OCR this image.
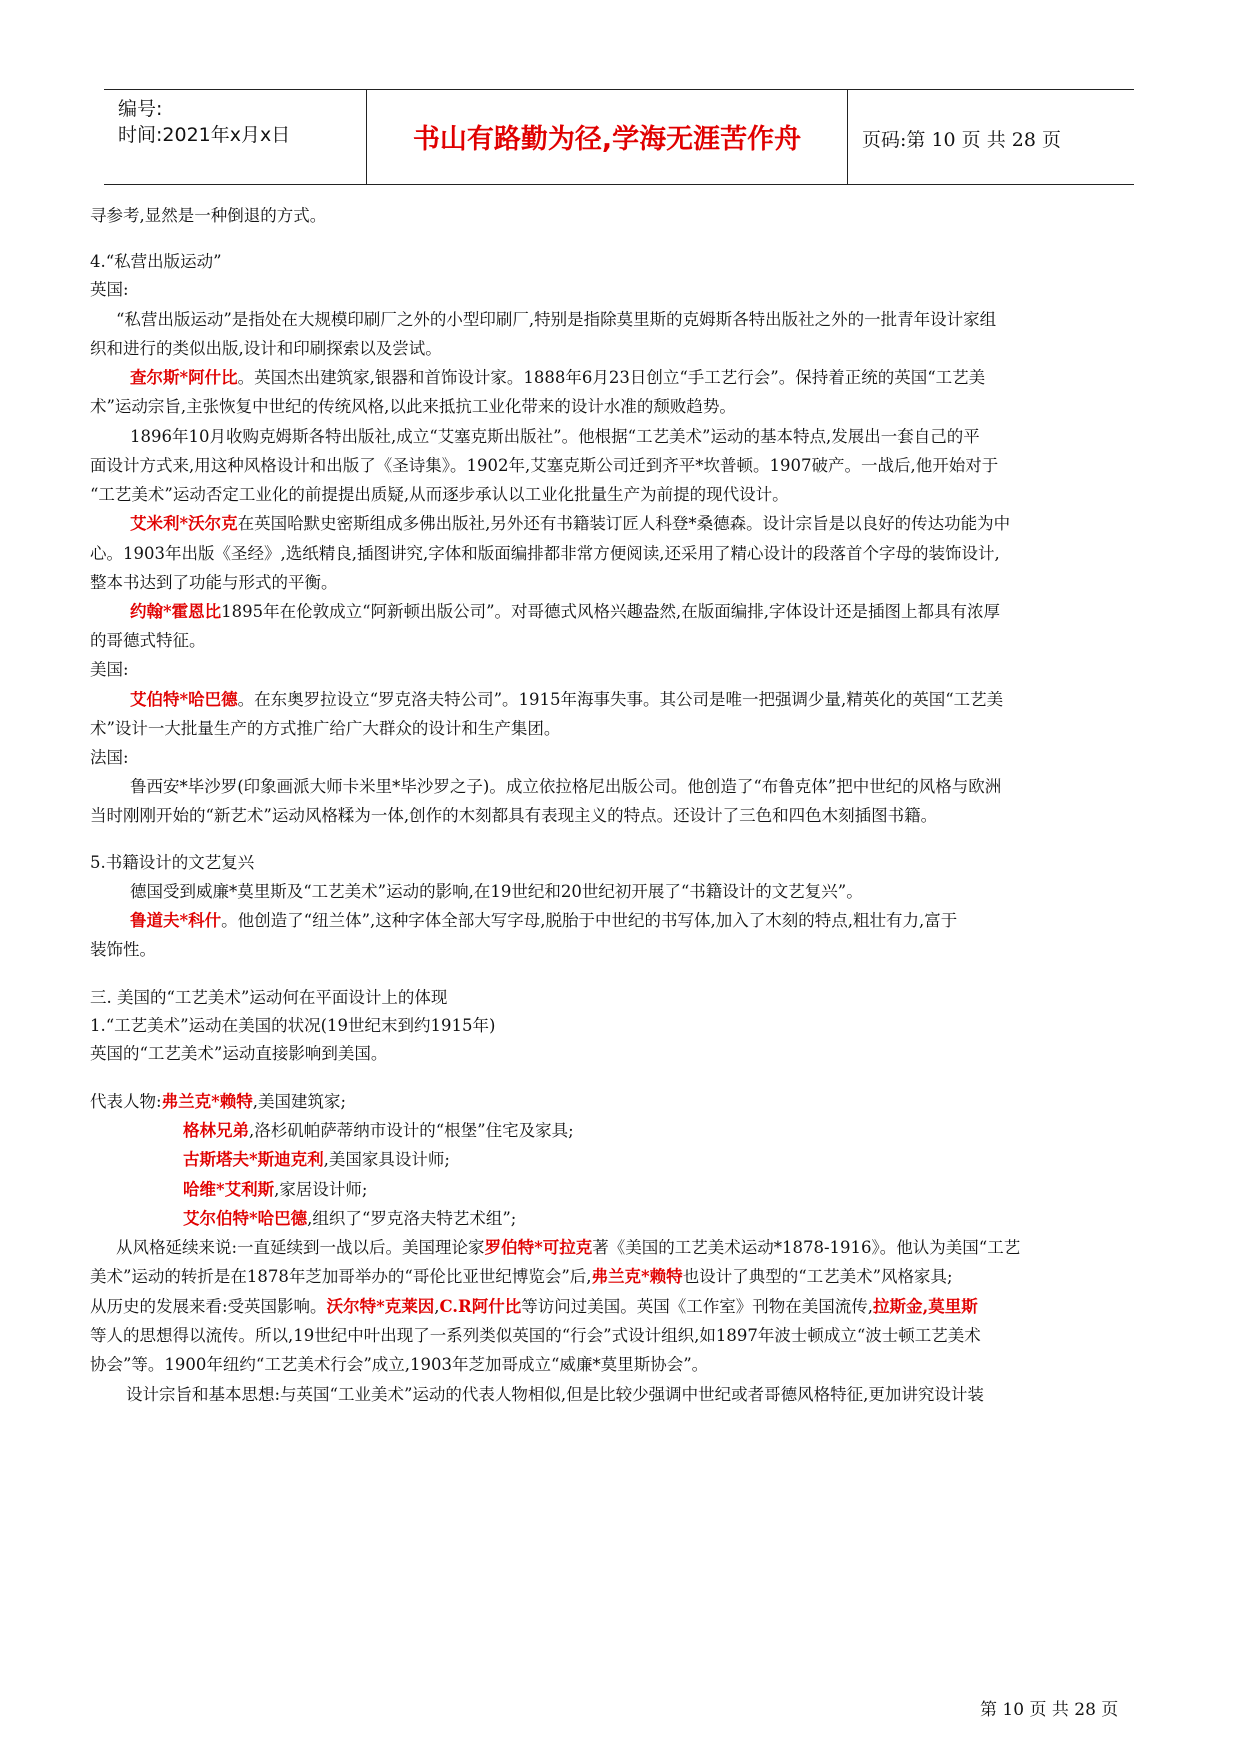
编号:
时间:2021年x月x日	书山有路勤为径,学海无涯苦作舟	页码:第 10 页 共 28 页
寻参考,显然是一种倒退的方式。
4.“私营出版运动”
英国:
“私营出版运动”是指处在大规模印刷厂之外的小型印刷厂,特别是指除莫里斯的克姆斯各特出版社之外的一批青年设计家组
织和进行的类似出版,设计和印刷探索以及尝试。
查尔斯*阿什比。英国杰出建筑家,银器和首饰设计家。1888年6月23日创立“手工艺行会”。保持着正统的英国“工艺美
术”运动宗旨,主张恢复中世纪的传统风格,以此来抵抗工业化带来的设计水准的颓败趋势。
1896年10月收购克姆斯各特出版社,成立“艾塞克斯出版社”。他根据“工艺美术”运动的基本特点,发展出一套自己的平
面设计方式来,用这种风格设计和出版了《圣诗集》。1902年,艾塞克斯公司迁到齐平*坎普顿。1907破产。一战后,他开始对于
“工艺美术”运动否定工业化的前提提出质疑,从而逐步承认以工业化批量生产为前提的现代设计。
艾米利*沃尔克在英国哈默史密斯组成多佛出版社,另外还有书籍装订匠人科登*桑德森。设计宗旨是以良好的传达功能为中
心。1903年出版《圣经》,选纸精良,插图讲究,字体和版面编排都非常方便阅读,还采用了精心设计的段落首个字母的装饰设计,
整本书达到了功能与形式的平衡。
约翰*霍恩比1895年在伦敦成立“阿新顿出版公司”。对哥德式风格兴趣盎然,在版面编排,字体设计还是插图上都具有浓厚
的哥德式特征。
美国:
艾伯特*哈巴德。在东奥罗拉设立“罗克洛夫特公司”。1915年海事失事。其公司是唯一把强调少量,精英化的英国“工艺美
术”设计一大批量生产的方式推广给广大群众的设计和生产集团。
法国:
鲁西安*毕沙罗(印象画派大师卡米里*毕沙罗之子)。成立依拉格尼出版公司。他创造了“布鲁克体”把中世纪的风格与欧洲
当时刚刚开始的“新艺术”运动风格糅为一体,创作的木刻都具有表现主义的特点。还设计了三色和四色木刻插图书籍。
5.书籍设计的文艺复兴
德国受到威廉*莫里斯及“工艺美术”运动的影响,在19世纪和20世纪初开展了“书籍设计的文艺复兴”。
鲁道夫*科什。他创造了“纽兰体”,这种字体全部大写字母,脱胎于中世纪的书写体,加入了木刻的特点,粗壮有力,富于
装饰性。
三. 美国的“工艺美术”运动何在平面设计上的体现
1.“工艺美术”运动在美国的状况(19世纪末到约1915年)
英国的“工艺美术”运动直接影响到美国。
代表人物:弗兰克*赖特,美国建筑家;
格林兄弟,洛杉矶帕萨蒂纳市设计的“根堡”住宅及家具;
古斯塔夫*斯迪克利,美国家具设计师;
哈维*艾利斯,家居设计师;
艾尔伯特*哈巴德,组织了“罗克洛夫特艺术组”;
从风格延续来说:一直延续到一战以后。美国理论家罗伯特*可拉克著《美国的工艺美术运动*1878-1916》。他认为美国“工艺
美术”运动的转折是在1878年芝加哥举办的“哥伦比亚世纪博览会”后,弗兰克*赖特也设计了典型的“工艺美术”风格家具;
从历史的发展来看:受英国影响。沃尔特*克莱因,C.R阿什比等访问过美国。英国《工作室》刊物在美国流传,拉斯金,莫里斯
等人的思想得以流传。所以,19世纪中叶出现了一系列类似英国的“行会”式设计组织,如1897年波士顿成立“波士顿工艺美术
协会”等。1900年纽约“工艺美术行会”成立,1903年芝加哥成立“威廉*莫里斯协会”。
设计宗旨和基本思想:与英国“工业美术”运动的代表人物相似,但是比较少强调中世纪或者哥德风格特征,更加讲究设计装
第 10 页 共 28 页
